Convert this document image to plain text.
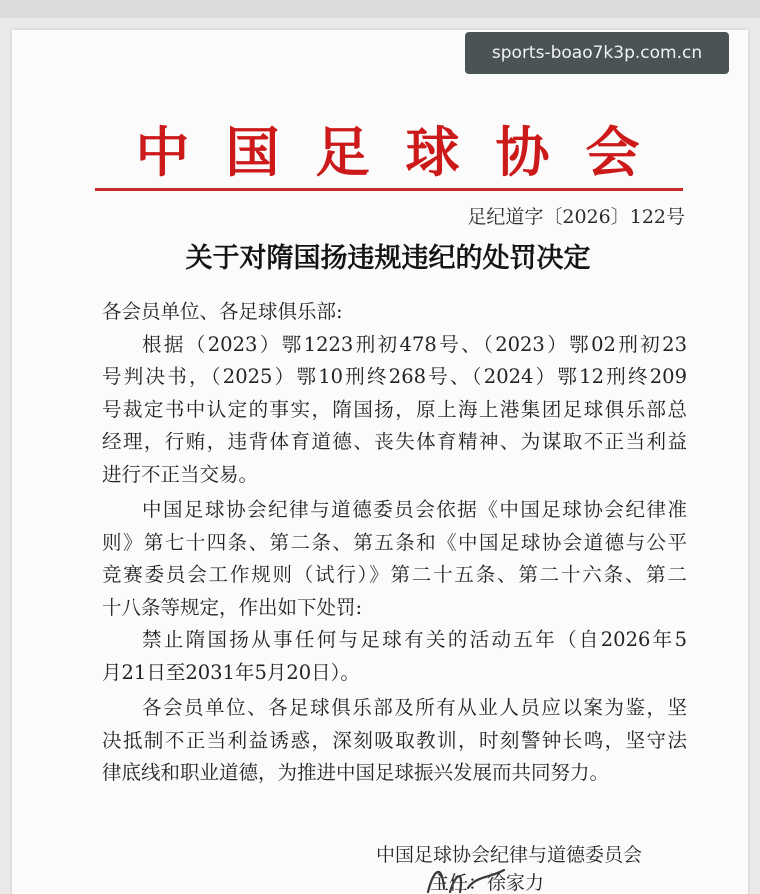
sports-boao7k3p.com.cn
中国足球协会
足纪道字〔2026〕122号
关于对隋国扬违规违纪的处罚决定

各会员单位、各足球俱乐部:

根据（2023）鄂1223刑初478号、（2023）鄂02刑初23
号判决书，（2025）鄂10刑终268号、（2024）鄂12刑终209
号裁定书中认定的事实，隋国扬，原上海上港集团足球俱乐部总
经理，行贿，违背体育道德、丧失体育精神、为谋取不正当利益
进行不正当交易。

中国足球协会纪律与道德委员会依据《中国足球协会纪律准
则》第七十四条、第二条、第五条和《中国足球协会道德与公平
竞赛委员会工作规则（试行）》第二十五条、第二十六条、第二
十八条等规定，作出如下处罚:

禁止隋国扬从事任何与足球有关的活动五年（自2026年5
月21日至2031年5月20日）。

各会员单位、各足球俱乐部及所有从业人员应以案为鉴，坚
决抵制不正当利益诱惑，深刻吸取教训，时刻警钟长鸣，坚守法
律底线和职业道德，为推进中国足球振兴发展而共同努力。

中国足球协会纪律与道德委员会
主任：徐家力
